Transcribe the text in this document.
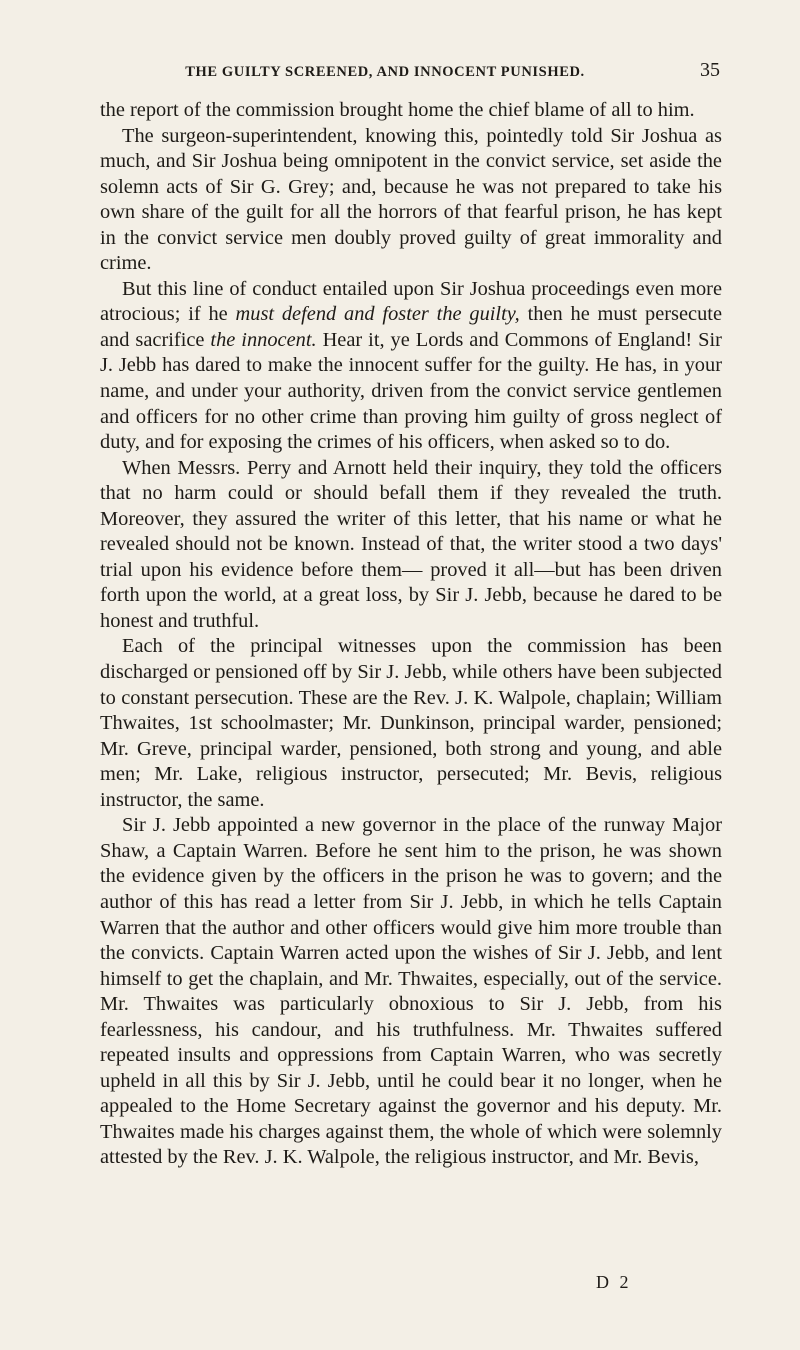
THE GUILTY SCREENED, AND INNOCENT PUNISHED.	35

the report of the commission brought home the chief blame of all to him.

The surgeon-superintendent, knowing this, pointedly told Sir Joshua as much, and Sir Joshua being omnipotent in the convict service, set aside the solemn acts of Sir G. Grey; and, because he was not prepared to take his own share of the guilt for all the horrors of that fearful prison, he has kept in the convict service men doubly proved guilty of great immorality and crime.

But this line of conduct entailed upon Sir Joshua proceedings even more atrocious; if he must defend and foster the guilty, then he must persecute and sacrifice the innocent. Hear it, ye Lords and Commons of England! Sir J. Jebb has dared to make the innocent suffer for the guilty. He has, in your name, and under your authority, driven from the convict service gentlemen and officers for no other crime than proving him guilty of gross neglect of duty, and for exposing the crimes of his officers, when asked so to do.

When Messrs. Perry and Arnott held their inquiry, they told the officers that no harm could or should befall them if they revealed the truth. Moreover, they assured the writer of this letter, that his name or what he revealed should not be known. Instead of that, the writer stood a two days' trial upon his evidence before them— proved it all—but has been driven forth upon the world, at a great loss, by Sir J. Jebb, because he dared to be honest and truthful.

Each of the principal witnesses upon the commission has been discharged or pensioned off by Sir J. Jebb, while others have been subjected to constant persecution. These are the Rev. J. K. Walpole, chaplain; William Thwaites, 1st schoolmaster; Mr. Dunkinson, principal warder, pensioned; Mr. Greve, principal warder, pensioned, both strong and young, and able men; Mr. Lake, religious instructor, persecuted; Mr. Bevis, religious instructor, the same.

Sir J. Jebb appointed a new governor in the place of the runway Major Shaw, a Captain Warren. Before he sent him to the prison, he was shown the evidence given by the officers in the prison he was to govern; and the author of this has read a letter from Sir J. Jebb, in which he tells Captain Warren that the author and other officers would give him more trouble than the convicts. Captain Warren acted upon the wishes of Sir J. Jebb, and lent himself to get the chaplain, and Mr. Thwaites, especially, out of the service. Mr. Thwaites was particularly obnoxious to Sir J. Jebb, from his fearlessness, his candour, and his truthfulness. Mr. Thwaites suffered repeated insults and oppressions from Captain Warren, who was secretly upheld in all this by Sir J. Jebb, until he could bear it no longer, when he appealed to the Home Secretary against the governor and his deputy. Mr. Thwaites made his charges against them, the whole of which were solemnly attested by the Rev. J. K. Walpole, the religious instructor, and Mr. Bevis,

D 2
